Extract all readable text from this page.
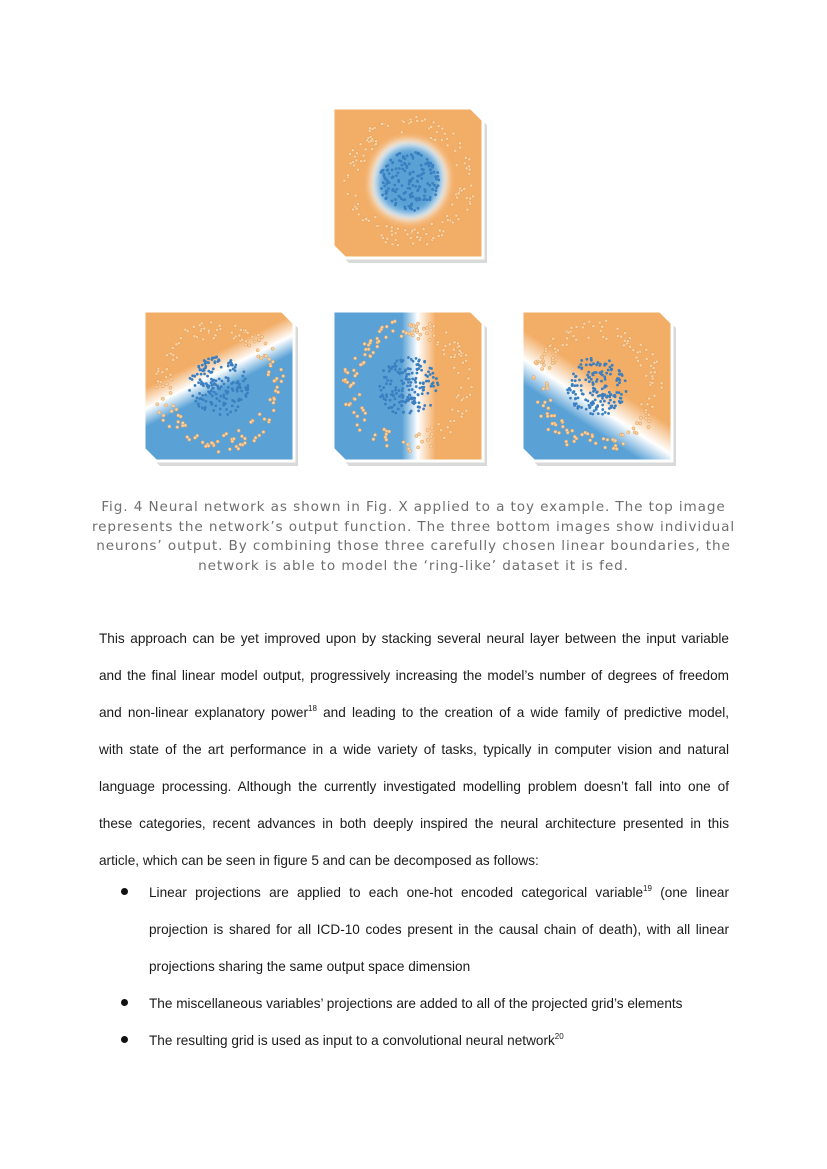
Fig. 4 Neural network as shown in Fig. X applied to a toy example. The top image
represents the network’s output function. The three bottom images show individual
neurons’ output. By combining those three carefully chosen linear boundaries, the
network is able to model the ‘ring-like’ dataset it is fed.
This approach can be yet improved upon by stacking several neural layer between the input variable
and the final linear model output, progressively increasing the model’s number of degrees of freedom
and non-linear explanatory power$^{18}$ and leading to the creation of a wide family of predictive model,
with state of the art performance in a wide variety of tasks, typically in computer vision and natural
language processing. Although the currently investigated modelling problem doesn’t fall into one of
these categories, recent advances in both deeply inspired the neural architecture presented in this
article, which can be seen in figure 5 and can be decomposed as follows:
Linear projections are applied to each one-hot encoded categorical variable$^{19}$ (one linear
projection is shared for all ICD-10 codes present in the causal chain of death), with all linear
projections sharing the same output space dimension
The miscellaneous variables’ projections are added to all of the projected grid’s elements
The resulting grid is used as input to a convolutional neural network$^{20}$
